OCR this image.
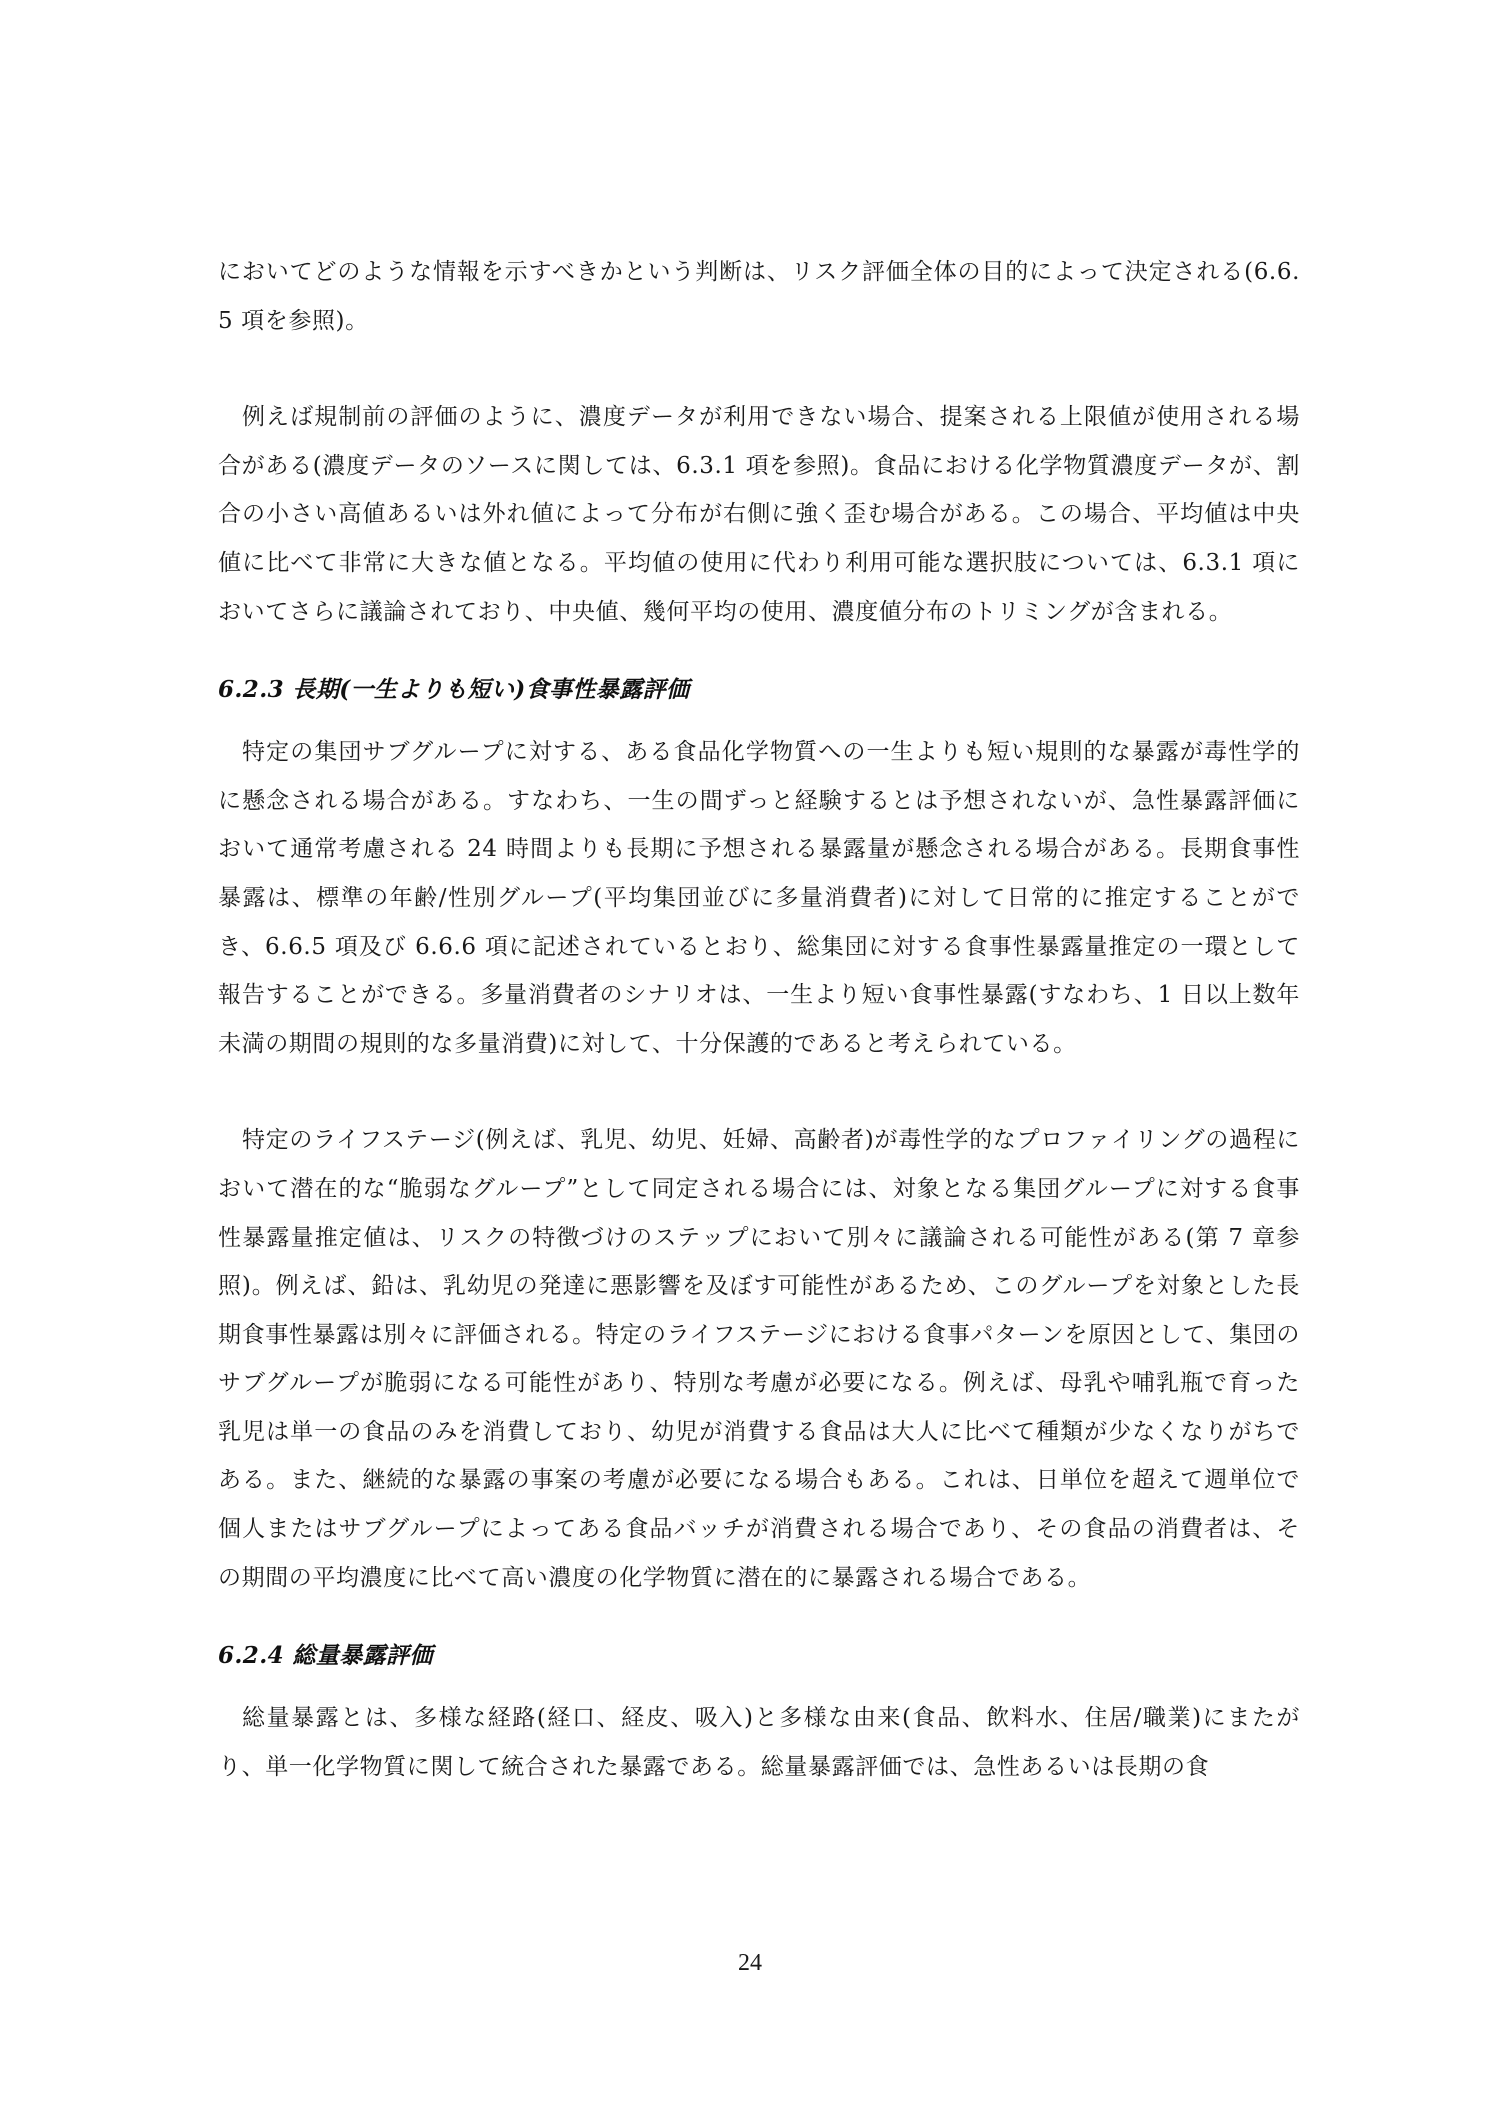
においてどのような情報を示すべきかという判断は、リスク評価全体の目的によって決定される(6.6.5 項を参照)。

例えば規制前の評価のように、濃度データが利用できない場合、提案される上限値が使用される場合がある(濃度データのソースに関しては、6.3.1 項を参照)。食品における化学物質濃度データが、割合の小さい高値あるいは外れ値によって分布が右側に強く歪む場合がある。この場合、平均値は中央値に比べて非常に大きな値となる。平均値の使用に代わり利用可能な選択肢については、6.3.1 項においてさらに議論されており、中央値、幾何平均の使用、濃度値分布のトリミングが含まれる。

6.2.3 長期(一生よりも短い)食事性暴露評価

特定の集団サブグループに対する、ある食品化学物質への一生よりも短い規則的な暴露が毒性学的に懸念される場合がある。すなわち、一生の間ずっと経験するとは予想されないが、急性暴露評価において通常考慮される 24 時間よりも長期に予想される暴露量が懸念される場合がある。長期食事性暴露は、標準の年齢/性別グループ(平均集団並びに多量消費者)に対して日常的に推定することができ、6.6.5 項及び 6.6.6 項に記述されているとおり、総集団に対する食事性暴露量推定の一環として報告することができる。多量消費者のシナリオは、一生より短い食事性暴露(すなわち、1 日以上数年未満の期間の規則的な多量消費)に対して、十分保護的であると考えられている。

特定のライフステージ(例えば、乳児、幼児、妊婦、高齢者)が毒性学的なプロファイリングの過程において潜在的な“脆弱なグループ”として同定される場合には、対象となる集団グループに対する食事性暴露量推定値は、リスクの特徴づけのステップにおいて別々に議論される可能性がある(第 7 章参照)。例えば、鉛は、乳幼児の発達に悪影響を及ぼす可能性があるため、このグループを対象とした長期食事性暴露は別々に評価される。特定のライフステージにおける食事パターンを原因として、集団のサブグループが脆弱になる可能性があり、特別な考慮が必要になる。例えば、母乳や哺乳瓶で育った乳児は単一の食品のみを消費しており、幼児が消費する食品は大人に比べて種類が少なくなりがちである。また、継続的な暴露の事案の考慮が必要になる場合もある。これは、日単位を超えて週単位で個人またはサブグループによってある食品バッチが消費される場合であり、その食品の消費者は、その期間の平均濃度に比べて高い濃度の化学物質に潜在的に暴露される場合である。

6.2.4 総量暴露評価

総量暴露とは、多様な経路(経口、経皮、吸入)と多様な由来(食品、飲料水、住居/職業)にまたがり、単一化学物質に関して統合された暴露である。総量暴露評価では、急性あるいは長期の食

24
